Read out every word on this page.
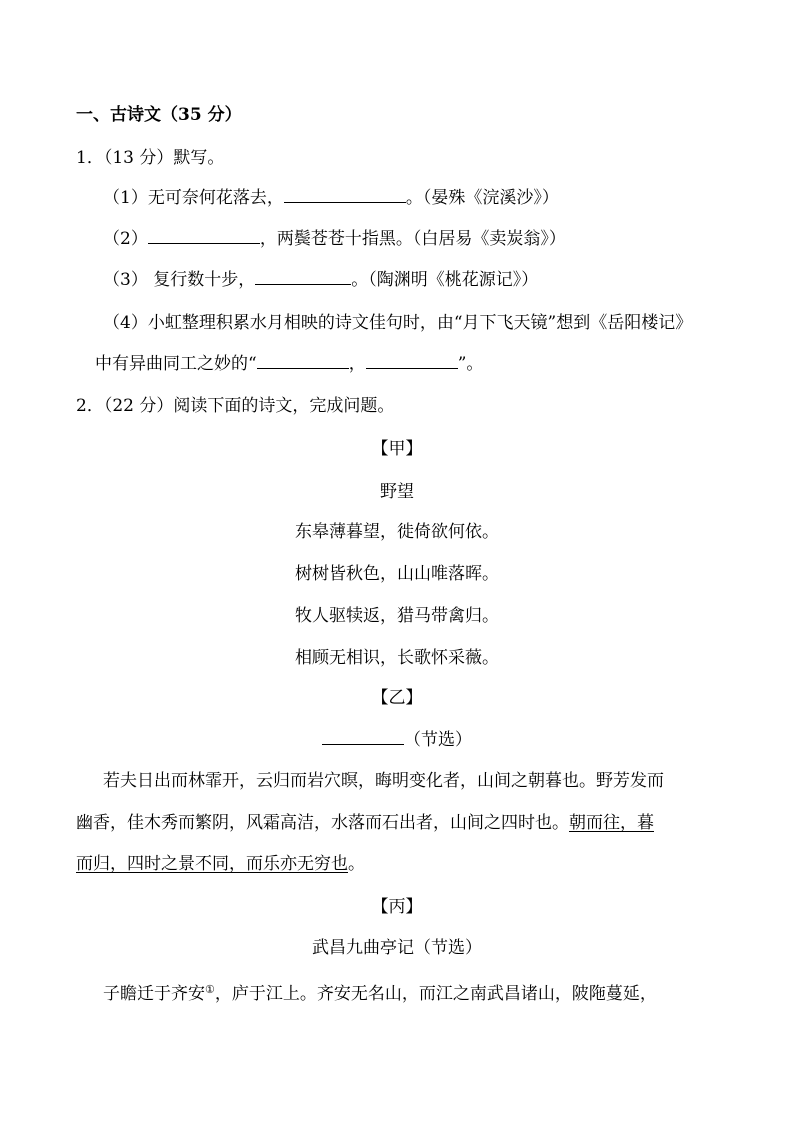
一、古诗文（35 分）
1．（13 分）默写。
（1）无可奈何花落去，	。（晏殊《浣溪沙》）
（2）	，两鬓苍苍十指黑。（白居易《卖炭翁》）
（3） 复行数十步，	。（陶渊明《桃花源记》）
（4）小虹整理积累水月相映的诗文佳句时，由“月下飞天镜”想到《岳阳楼记》
中有异曲同工之妙的“	，	”。
2．（22 分）阅读下面的诗文，完成问题。
【甲】
野望
东皋薄暮望，徙倚欲何依。
树树皆秋色，山山唯落晖。
牧人驱犊返，猎马带禽归。
相顾无相识，长歌怀采薇。
【乙】
（节选）
若夫日出而林霏开，云归而岩穴暝，晦明变化者，山间之朝暮也。野芳发而
幽香，佳木秀而繁阴，风霜高洁，水落而石出者，山间之四时也。朝而往，暮
而归，四时之景不同，而乐亦无穷也。
【丙】
武昌九曲亭记（节选）
子瞻迁于齐安①，庐于江上。齐安无名山，而江之南武昌诸山，陂陁蔓延，
